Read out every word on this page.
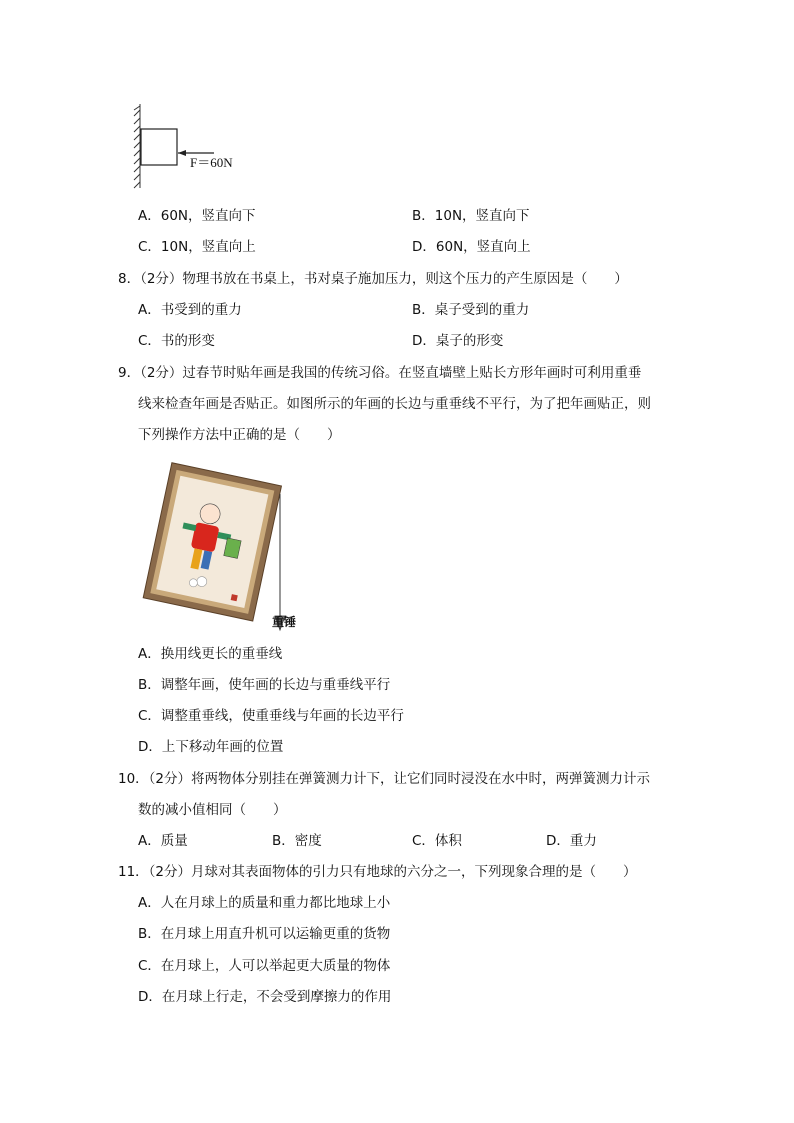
F＝60N
A．60N，竖直向下	B．10N，竖直向下
C．10N，竖直向上	D．60N，竖直向上
8．（2分）物理书放在书桌上，书对桌子施加压力，则这个压力的产生原因是（　　）
A．书受到的重力	B．桌子受到的重力
C．书的形变	D．桌子的形变
9．（2分）过春节时贴年画是我国的传统习俗。在竖直墙壁上贴长方形年画时可利用重垂
线来检查年画是否贴正。如图所示的年画的长边与重垂线不平行，为了把年画贴正，则
下列操作方法中正确的是（　　）
重锤
A．换用线更长的重垂线
B．调整年画，使年画的长边与重垂线平行
C．调整重垂线，使重垂线与年画的长边平行
D．上下移动年画的位置
10．（2分）将两物体分别挂在弹簧测力计下，让它们同时浸没在水中时，两弹簧测力计示
数的减小值相同（　　）
A．质量	B．密度	C．体积	D．重力
11．（2分）月球对其表面物体的引力只有地球的六分之一，下列现象合理的是（　　）
A．人在月球上的质量和重力都比地球上小
B．在月球上用直升机可以运输更重的货物
C．在月球上，人可以举起更大质量的物体
D．在月球上行走，不会受到摩擦力的作用
